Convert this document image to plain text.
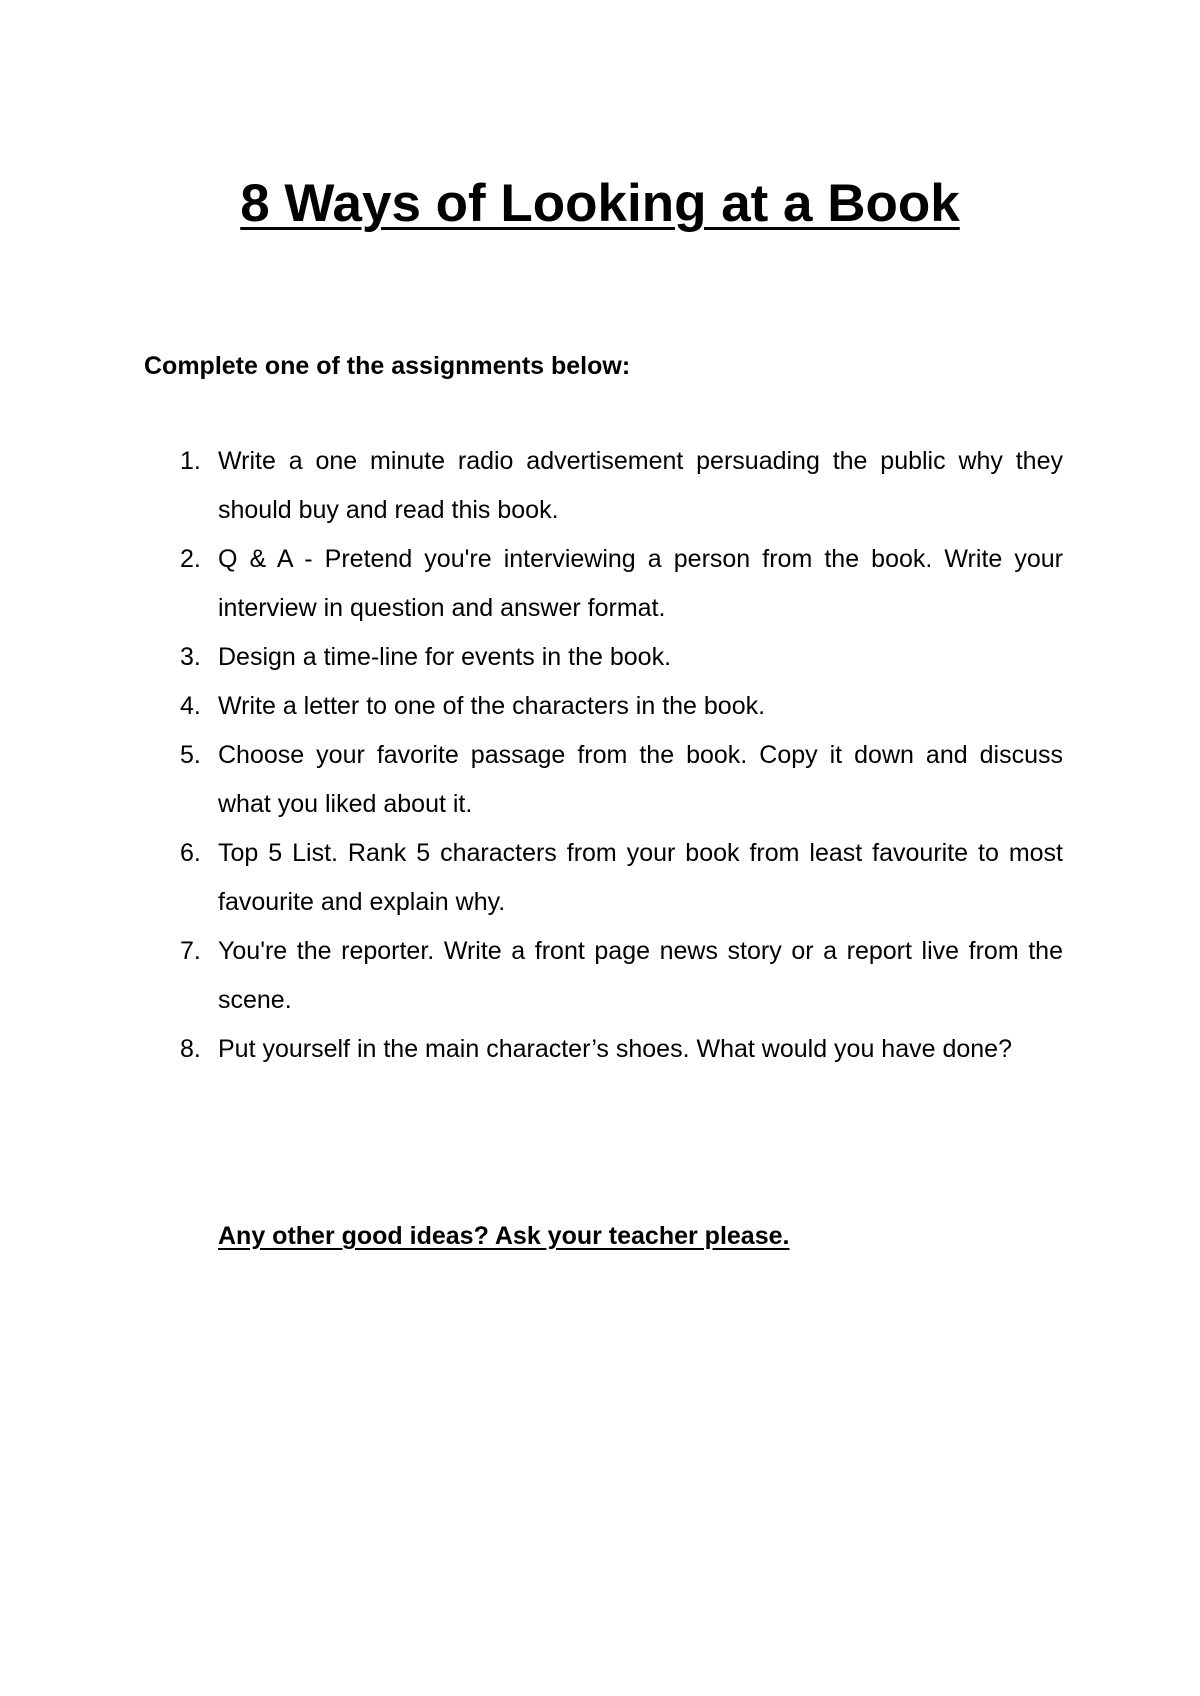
8 Ways of Looking at a Book

Complete one of the assignments below:

1. Write a one minute radio advertisement persuading the public why they should buy and read this book.
2. Q & A - Pretend you're interviewing a person from the book. Write your interview in question and answer format.
3. Design a time-line for events in the book.
4. Write a letter to one of the characters in the book.
5. Choose your favorite passage from the book. Copy it down and discuss what you liked about it.
6. Top 5 List. Rank 5 characters from your book from least favourite to most favourite and explain why.
7. You're the reporter. Write a front page news story or a report live from the scene.
8. Put yourself in the main character’s shoes. What would you have done?

Any other good ideas? Ask your teacher please.
